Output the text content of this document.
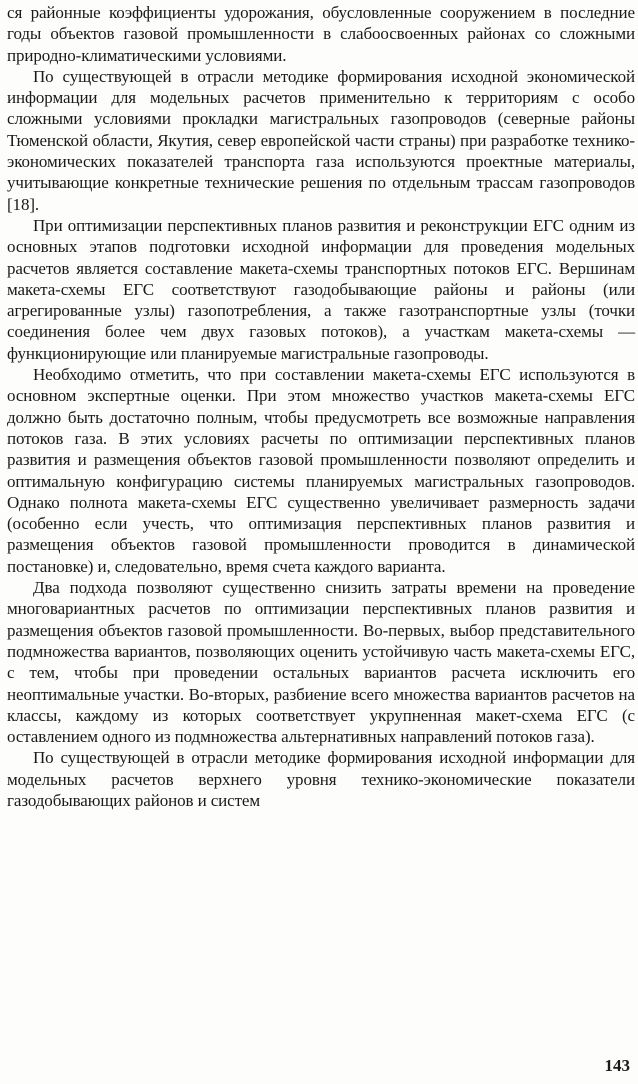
ся районные коэффициенты удорожания, обусловленные сооружением в последние годы объектов газовой промышленности в слабоосвоенных районах со сложными природно-климатическими условиями.

По существующей в отрасли методике формирования исходной экономической информации для модельных расчетов применительно к территориям с особо сложными условиями прокладки магистральных газопроводов (северные районы Тюменской области, Якутия, север европейской части страны) при разработке технико-экономических показателей транспорта газа используются проектные материалы, учитывающие конкретные технические решения по отдельным трассам газопроводов [18].

При оптимизации перспективных планов развития и реконструкции ЕГС одним из основных этапов подготовки исходной информации для проведения модельных расчетов является составление макета-схемы транспортных потоков ЕГС. Вершинам макета-схемы ЕГС соответствуют газодобывающие районы и районы (или агрегированные узлы) газопотребления, а также газотранспортные узлы (точки соединения более чем двух газовых потоков), а участкам макета-схемы — функционирующие или планируемые магистральные газопроводы.

Необходимо отметить, что при составлении макета-схемы ЕГС используются в основном экспертные оценки. При этом множество участков макета-схемы ЕГС должно быть достаточно полным, чтобы предусмотреть все возможные направления потоков газа. В этих условиях расчеты по оптимизации перспективных планов развития и размещения объектов газовой промышленности позволяют определить и оптимальную конфигурацию системы планируемых магистральных газопроводов. Однако полнота макета-схемы ЕГС существенно увеличивает размерность задачи (особенно если учесть, что оптимизация перспективных планов развития и размещения объектов газовой промышленности проводится в динамической постановке) и, следовательно, время счета каждого варианта.

Два подхода позволяют существенно снизить затраты времени на проведение многовариантных расчетов по оптимизации перспективных планов развития и размещения объектов газовой промышленности. Во-первых, выбор представительного подмножества вариантов, позволяющих оценить устойчивую часть макета-схемы ЕГС, с тем, чтобы при проведении остальных вариантов расчета исключить его неоптимальные участки. Во-вторых, разбиение всего множества вариантов расчетов на классы, каждому из которых соответствует укрупненная макет-схема ЕГС (с оставлением одного из подмножества альтернативных направлений потоков газа).

По существующей в отрасли методике формирования исходной информации для модельных расчетов верхнего уровня технико-экономические показатели газодобывающих районов и систем

143
